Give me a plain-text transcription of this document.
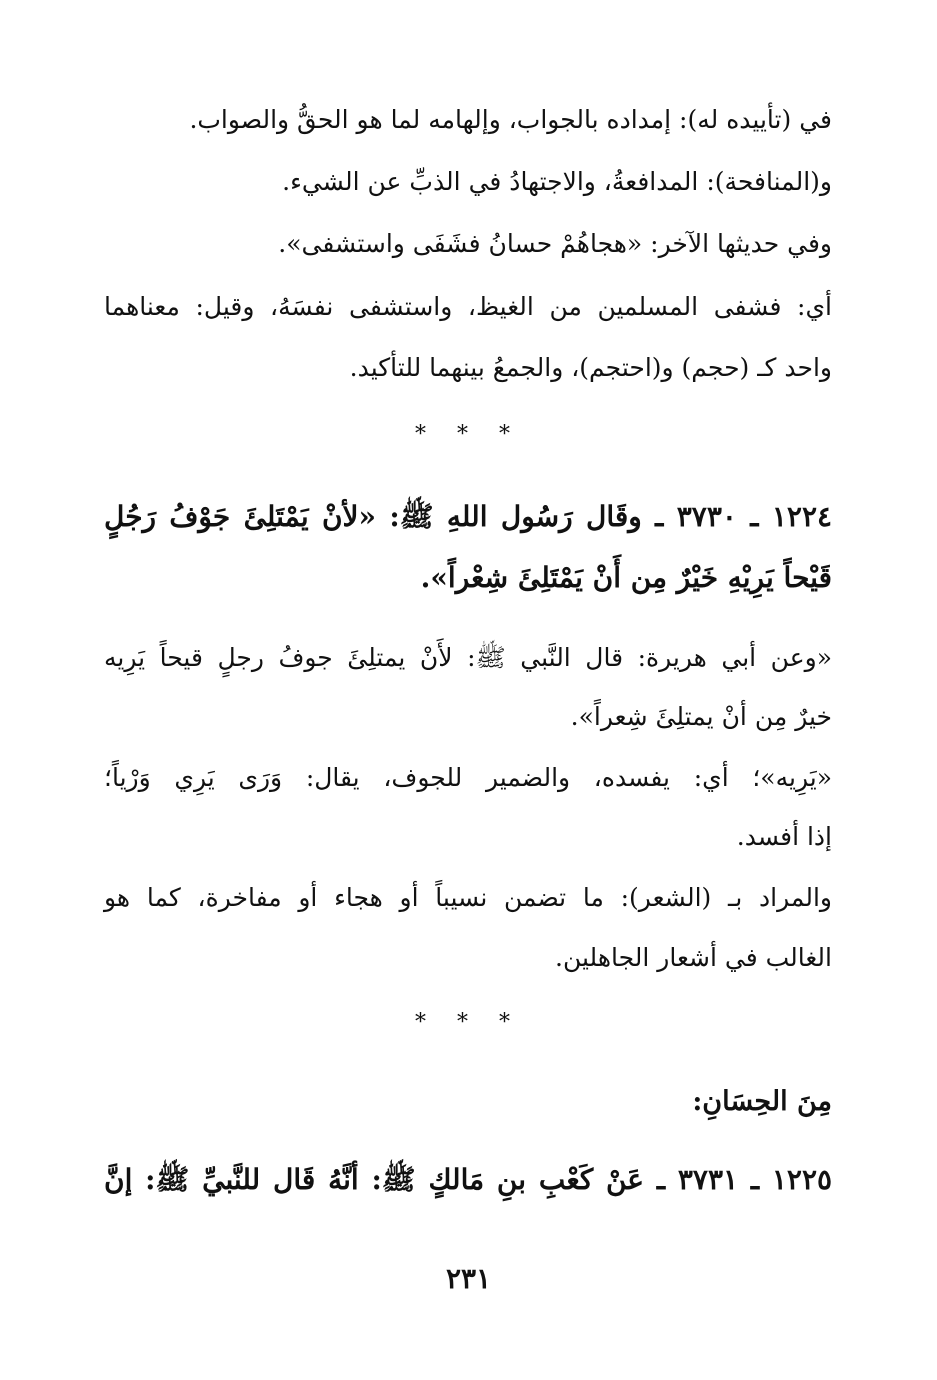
في (تأييده له): إمداده بالجواب، وإلهامه لما هو الحقُّ والصواب.
و(المنافحة): المدافعةُ، والاجتهادُ في الذبِّ عن الشيء.
وفي حديثها الآخر: «هجاهُمْ حسانُ فشَفَى واستشفى».
أي: فشفى المسلمين من الغيظ، واستشفى نفسَهُ، وقيل: معناهما
واحد كـ (حجم) و(احتجم)، والجمعُ بينهما للتأكيد.
* * *
١٢٢٤ ـ ٣٧٣٠ ـ وقَال رَسُول اللهِ ﷺ: «لأنْ يَمْتَلِئَ جَوْفُ رَجُلٍ
قَيْحاً يَرِيْهِ خَيْرٌ مِن أَنْ يَمْتَلِئَ شِعْراً».
«وعن أبي هريرة: قال النَّبي ﷺ: لأَنْ يمتلِئَ جوفُ رجلٍ قيحاً يَرِيه
خيرٌ مِن أنْ يمتلِئَ شِعراً».
«يَرِيه»؛ أي: يفسده، والضمير للجوف، يقال: وَرَى يَرِي وَرْياً؛
إذا أفسد.
والمراد بـ (الشعر): ما تضمن نسيباً أو هجاء أو مفاخرة، كما هو
الغالب في أشعار الجاهلين.
* * *
مِنَ الحِسَانِ:
١٢٢٥ ـ ٣٧٣١ ـ عَنْ كَعْبِ بنِ مَالكٍ ﷺ: أنَّهُ قَال للنَّبيِّ ﷺ: إنَّ
٢٣١
